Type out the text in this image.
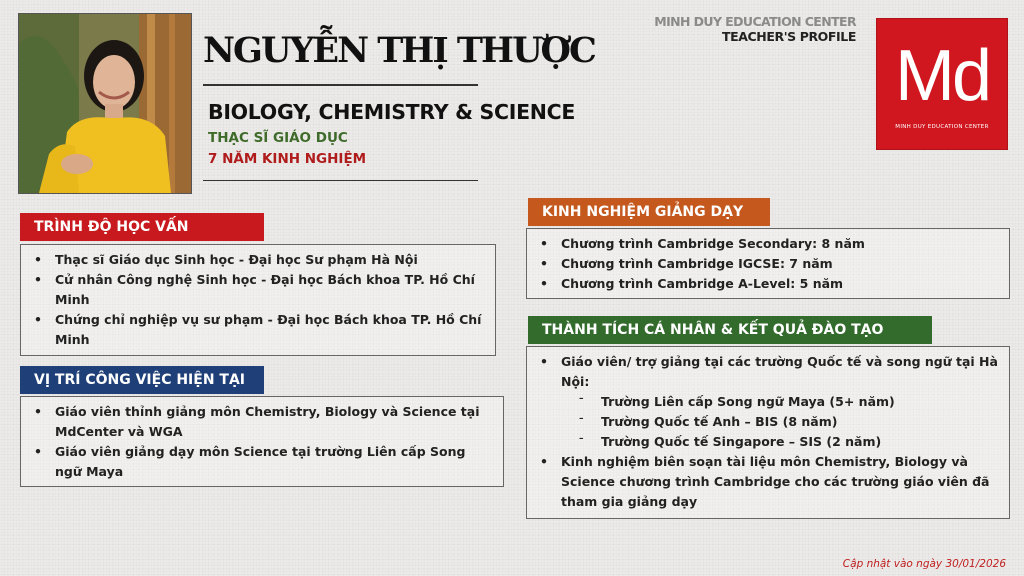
NGUYỄN THỊ THƯỢC
BIOLOGY, CHEMISTRY & SCIENCE
THẠC SĨ GIÁO DỤC
7 NĂM KINH NGHIỆM
MINH DUY EDUCATION CENTER
TEACHER'S PROFILE Md
MINH DUY EDUCATION CENTER
TRÌNH ĐỘ HỌC VẤN
• Thạc sĩ Giáo dục Sinh học - Đại học Sư phạm Hà Nội
• Cử nhân Công nghệ Sinh học - Đại học Bách khoa TP. Hồ Chí Minh
• Chứng chỉ nghiệp vụ sư phạm - Đại học Bách khoa TP. Hồ Chí Minh
VỊ TRÍ CÔNG VIỆC HIỆN TẠI
• Giáo viên thỉnh giảng môn Chemistry, Biology và Science tại MdCenter và WGA
• Giáo viên giảng dạy môn Science tại trường Liên cấp Song ngữ Maya
KINH NGHIỆM GIẢNG DẠY
• Chương trình Cambridge Secondary: 8 năm
• Chương trình Cambridge IGCSE: 7 năm
• Chương trình Cambridge A-Level: 5 năm
THÀNH TÍCH CÁ NHÂN & KẾT QUẢ ĐÀO TẠO
• Giáo viên/ trợ giảng tại các trường Quốc tế và song ngữ tại Hà Nội:
– Trường Liên cấp Song ngữ Maya (5+ năm)
– Trường Quốc tế Anh – BIS (8 năm)
– Trường Quốc tế Singapore – SIS (2 năm)
• Kinh nghiệm biên soạn tài liệu môn Chemistry, Biology và Science chương trình Cambridge cho các trường giáo viên đã tham gia giảng dạy
Cập nhật vào ngày 30/01/2026
